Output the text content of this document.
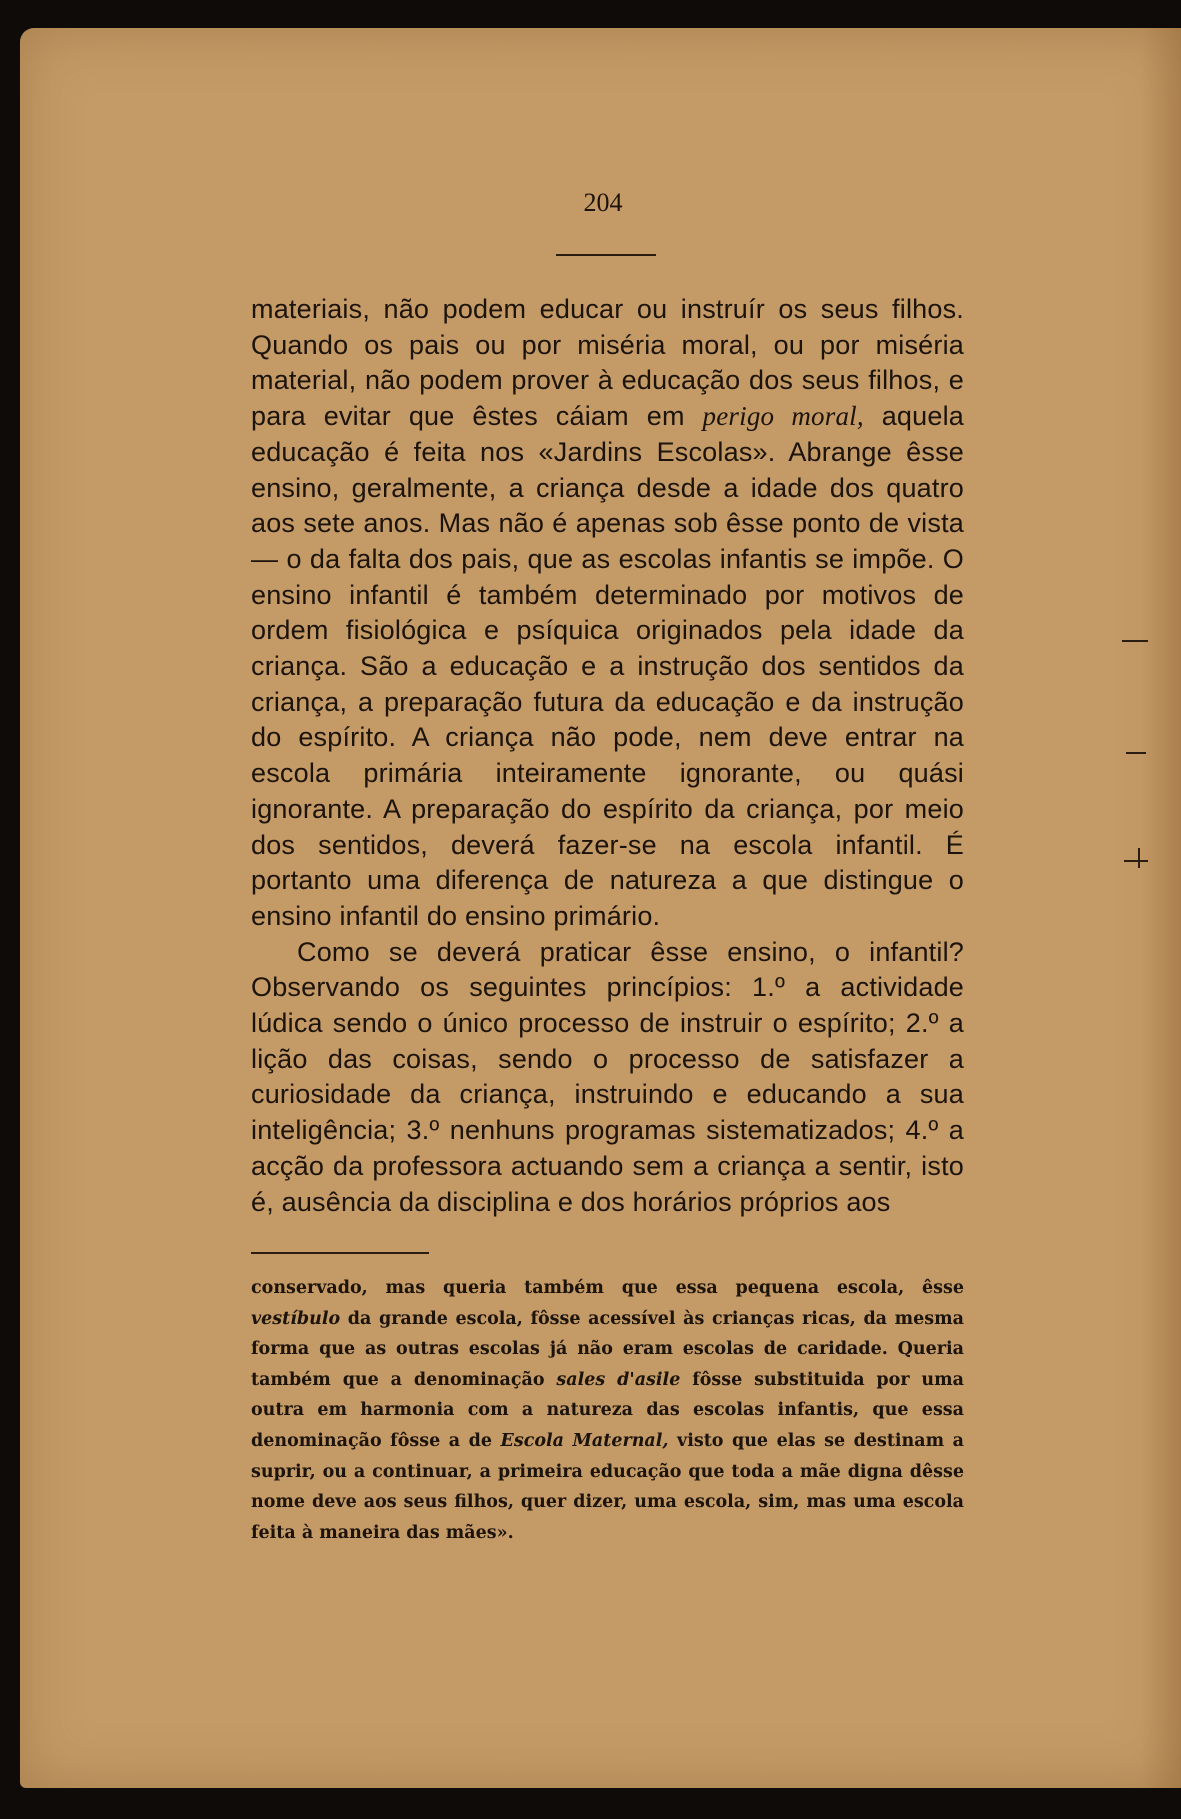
204

materiais, não podem educar ou instruír os seus filhos. Quando os pais ou por miséria moral, ou por miséria material, não podem prover à educação dos seus filhos, e para evitar que êstes cáiam em perigo moral, aquela educação é feita nos «Jardins Escolas». Abrange êsse ensino, geralmente, a criança desde a idade dos quatro aos sete anos. Mas não é apenas sob êsse ponto de vista — o da falta dos pais, que as escolas infantis se impõe. O ensino infantil é também determinado por motivos de ordem fisiológica e psíquica originados pela idade da criança. São a educação e a instrução dos sentidos da criança, a preparação futura da educação e da instrução do espírito. A criança não pode, nem deve entrar na escola primária inteiramente ignorante, ou quási ignorante. A preparação do espírito da criança, por meio dos sentidos, deverá fazer-se na escola infantil. É portanto uma diferença de natureza a que distingue o ensino infantil do ensino primário.

Como se deverá praticar êsse ensino, o infantil? Observando os seguintes princípios: 1.º a actividade lúdica sendo o único processo de instruir o espírito; 2.º a lição das coisas, sendo o processo de satisfazer a curiosidade da criança, instruindo e educando a sua inteligência; 3.º nenhuns programas sistematizados; 4.º a acção da professora actuando sem a criança a sentir, isto é, ausência da disciplina e dos horários próprios aos

conservado, mas queria também que essa pequena escola, êsse vestíbulo da grande escola, fôsse acessível às crianças ricas, da mesma forma que as outras escolas já não eram escolas de caridade. Queria também que a denominação sales d'asile fôsse substituida por uma outra em harmonia com a natureza das escolas infantis, que essa denominação fôsse a de Escola Maternal, visto que elas se destinam a suprir, ou a continuar, a primeira educação que toda a mãe digna dêsse nome deve aos seus filhos, quer dizer, uma escola, sim, mas uma escola feita à maneira das mães».
